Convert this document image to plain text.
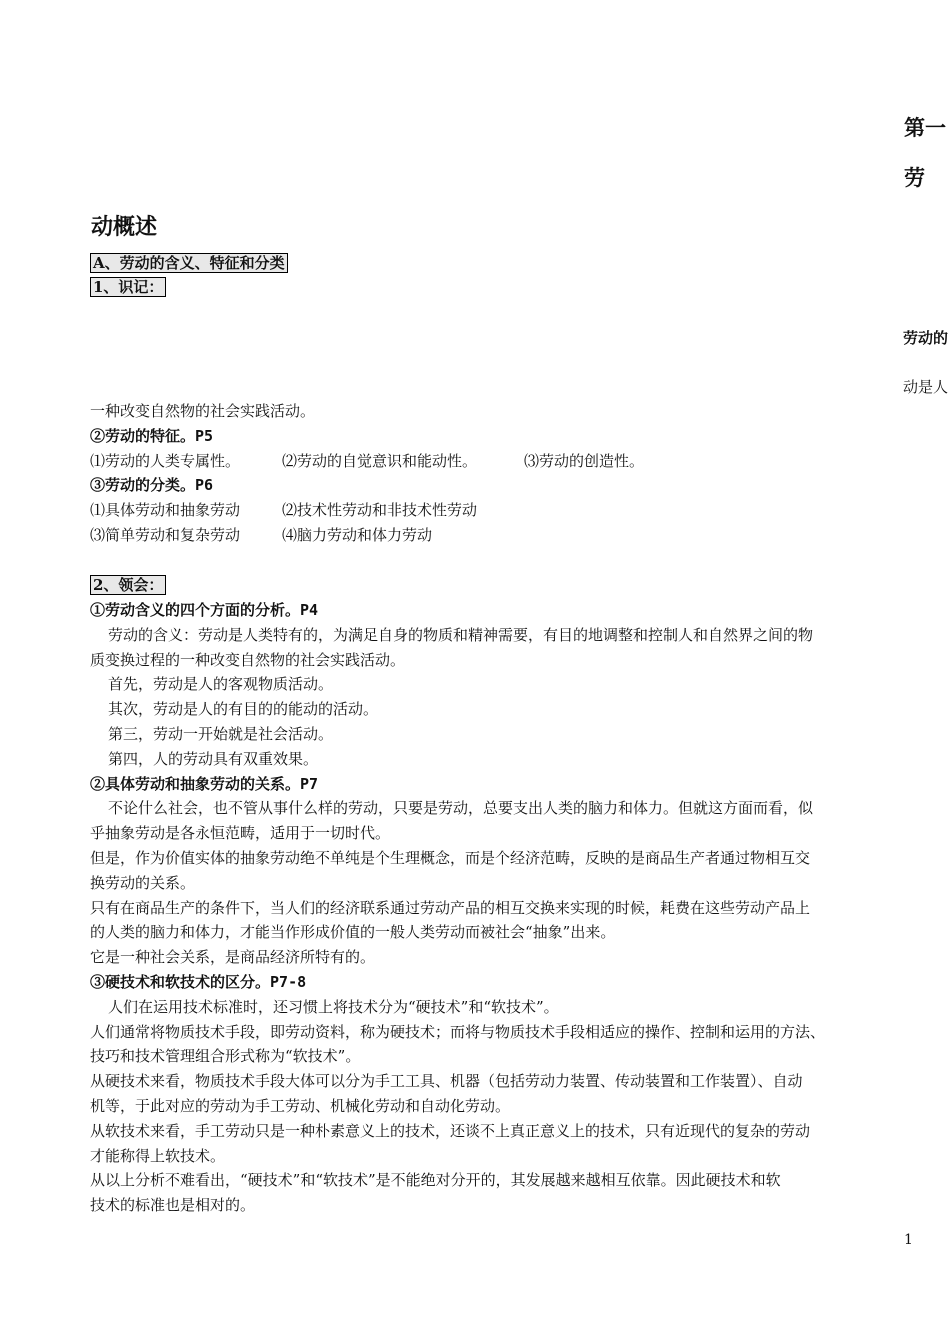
第一
劳
动概述
A、劳动的含义、特征和分类
1、识记：
劳动的
动是人

一种改变自然物的社会实践活动。

②劳动的特征。P5

⑴劳动的人类专属性。	⑵劳动的自觉意识和能动性。	⑶劳动的创造性。

③劳动的分类。P6

⑴具体劳动和抽象劳动	⑵技术性劳动和非技术性劳动

⑶简单劳动和复杂劳动	⑷脑力劳动和体力劳动

2、领会：

①劳动含义的四个方面的分析。P4

劳动的含义：劳动是人类特有的，为满足自身的物质和精神需要，有目的地调整和控制人和自然界之间的物

质变换过程的一种改变自然物的社会实践活动。

首先，劳动是人的客观物质活动。

其次，劳动是人的有目的的能动的活动。

第三，劳动一开始就是社会活动。

第四，人的劳动具有双重效果。

②具体劳动和抽象劳动的关系。P7

不论什么社会，也不管从事什么样的劳动，只要是劳动，总要支出人类的脑力和体力。但就这方面而看，似

乎抽象劳动是各永恒范畴，适用于一切时代。

但是，作为价值实体的抽象劳动绝不单纯是个生理概念，而是个经济范畴，反映的是商品生产者通过物相互交

换劳动的关系。

只有在商品生产的条件下，当人们的经济联系通过劳动产品的相互交换来实现的时候，耗费在这些劳动产品上

的人类的脑力和体力，才能当作形成价值的一般人类劳动而被社会“抽象”出来。

它是一种社会关系，是商品经济所特有的。

③硬技术和软技术的区分。P7-8

人们在运用技术标准时，还习惯上将技术分为“硬技术”和“软技术”。

人们通常将物质技术手段，即劳动资料，称为硬技术；而将与物质技术手段相适应的操作、控制和运用的方法、

技巧和技术管理组合形式称为“软技术”。

从硬技术来看，物质技术手段大体可以分为手工工具、机器（包括劳动力装置、传动装置和工作装置）、自动

机等，于此对应的劳动为手工劳动、机械化劳动和自动化劳动。

从软技术来看，手工劳动只是一种朴素意义上的技术，还谈不上真正意义上的技术，只有近现代的复杂的劳动

才能称得上软技术。

从以上分析不难看出，“硬技术”和“软技术”是不能绝对分开的，其发展越来越相互依靠。因此硬技术和软

技术的标准也是相对的。

1
